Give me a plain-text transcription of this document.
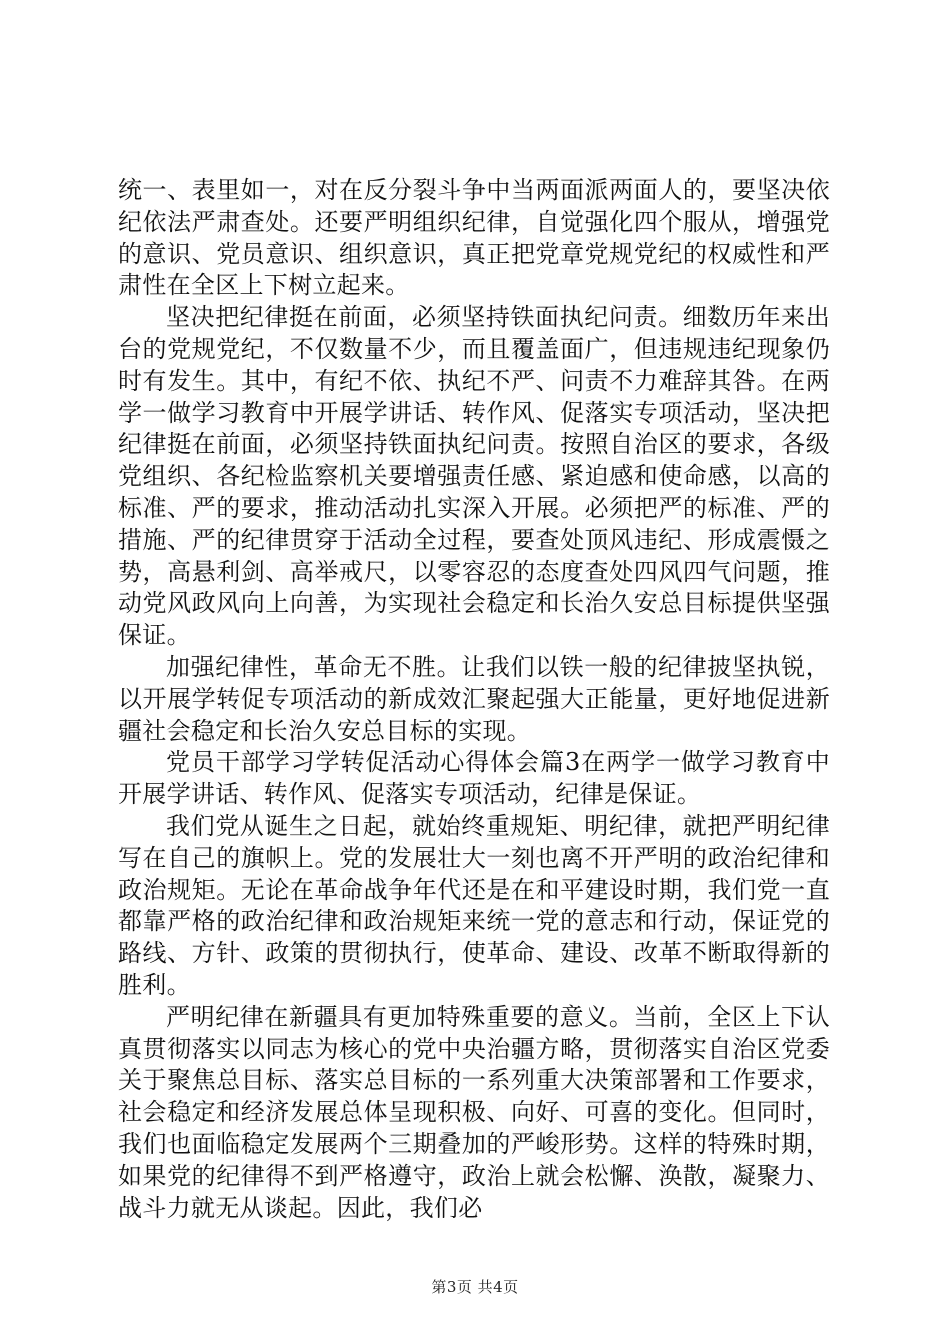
统一、表里如一，对在反分裂斗争中当两面派两面人的，要坚决依纪依法严肃查处。还要严明组织纪律，自觉强化四个服从，增强党的意识、党员意识、组织意识，真正把党章党规党纪的权威性和严肃性在全区上下树立起来。

坚决把纪律挺在前面，必须坚持铁面执纪问责。细数历年来出台的党规党纪，不仅数量不少，而且覆盖面广，但违规违纪现象仍时有发生。其中，有纪不依、执纪不严、问责不力难辞其咎。在两学一做学习教育中开展学讲话、转作风、促落实专项活动，坚决把纪律挺在前面，必须坚持铁面执纪问责。按照自治区的要求，各级党组织、各纪检监察机关要增强责任感、紧迫感和使命感，以高的标准、严的要求，推动活动扎实深入开展。必须把严的标准、严的措施、严的纪律贯穿于活动全过程，要查处顶风违纪、形成震慑之势，高悬利剑、高举戒尺，以零容忍的态度查处四风四气问题，推动党风政风向上向善，为实现社会稳定和长治久安总目标提供坚强保证。

加强纪律性，革命无不胜。让我们以铁一般的纪律披坚执锐，以开展学转促专项活动的新成效汇聚起强大正能量，更好地促进新疆社会稳定和长治久安总目标的实现。

党员干部学习学转促活动心得体会篇3在两学一做学习教育中开展学讲话、转作风、促落实专项活动，纪律是保证。

我们党从诞生之日起，就始终重规矩、明纪律，就把严明纪律写在自己的旗帜上。党的发展壮大一刻也离不开严明的政治纪律和政治规矩。无论在革命战争年代还是在和平建设时期，我们党一直都靠严格的政治纪律和政治规矩来统一党的意志和行动，保证党的路线、方针、政策的贯彻执行，使革命、建设、改革不断取得新的胜利。

严明纪律在新疆具有更加特殊重要的意义。当前，全区上下认真贯彻落实以同志为核心的党中央治疆方略，贯彻落实自治区党委关于聚焦总目标、落实总目标的一系列重大决策部署和工作要求，社会稳定和经济发展总体呈现积极、向好、可喜的变化。但同时，我们也面临稳定发展两个三期叠加的严峻形势。这样的特殊时期，如果党的纪律得不到严格遵守，政治上就会松懈、涣散，凝聚力、战斗力就无从谈起。因此，我们必

第3页 共4页
